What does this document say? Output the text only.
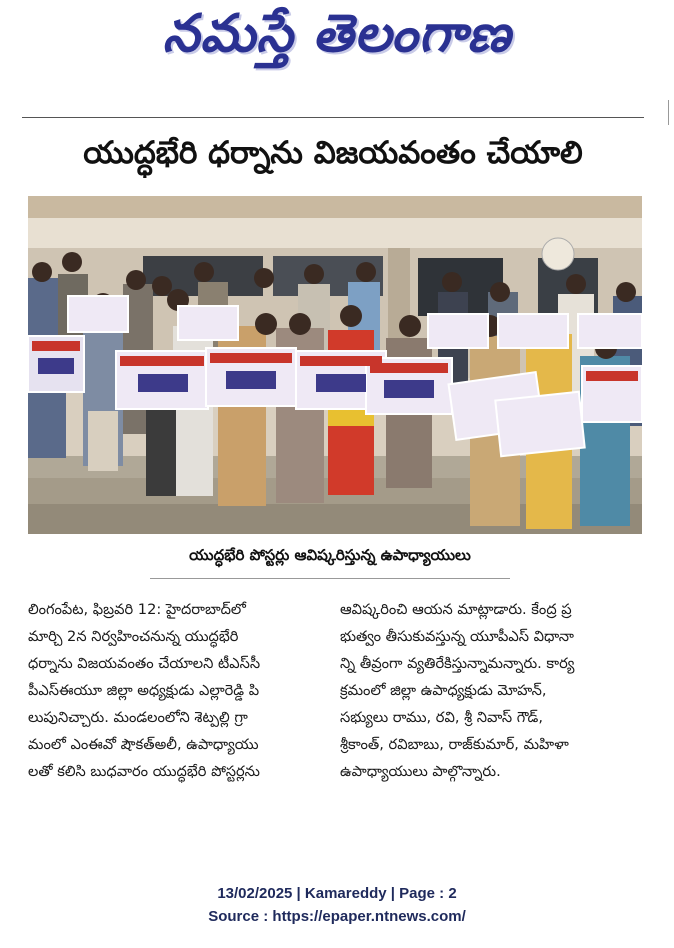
నమస్తే తెలంగాణ
యుద్ధభేరి ధర్నాను విజయవంతం చేయాలి
యుద్ధభేరి పోస్టర్లు ఆవిష్కరిస్తున్న ఉపాధ్యాయులు
లింగంపేట, ఫిబ్రవరి 12: హైదరాబాద్‌లో
మార్చి 2న నిర్వహించనున్న యుద్ధభేరి
ధర్నాను విజయవంతం చేయాలని టీఎస్‌సీ
పీఎస్‌ఈయూ జిల్లా అధ్యక్షుడు ఎల్లారెడ్డి పి
లుపునిచ్చారు. మండలంలోని శెట్పల్లి గ్రా
మంలో ఎంఈవో షౌకత్‌అలీ, ఉపాధ్యాయు
లతో కలిసి బుధవారం యుద్ధభేరి పోస్టర్లను
ఆవిష్కరించి ఆయన మాట్లాడారు. కేంద్ర ప్ర
భుత్వం తీసుకువస్తున్న యూపీఎస్ విధానా
న్ని తీవ్రంగా వ్యతిరేకిస్తున్నామన్నారు. కార్య
క్రమంలో జిల్లా ఉపాధ్యక్షుడు మోహన్,
సభ్యులు రాము, రవి, శ్రీ నివాస్ గౌడ్,
శ్రీకాంత్, రవిబాబు, రాజ్‌కుమార్, మహిళా
ఉపాధ్యాయులు పాల్గొన్నారు.
13/02/2025 | Kamareddy | Page : 2
Source : https://epaper.ntnews.com/
